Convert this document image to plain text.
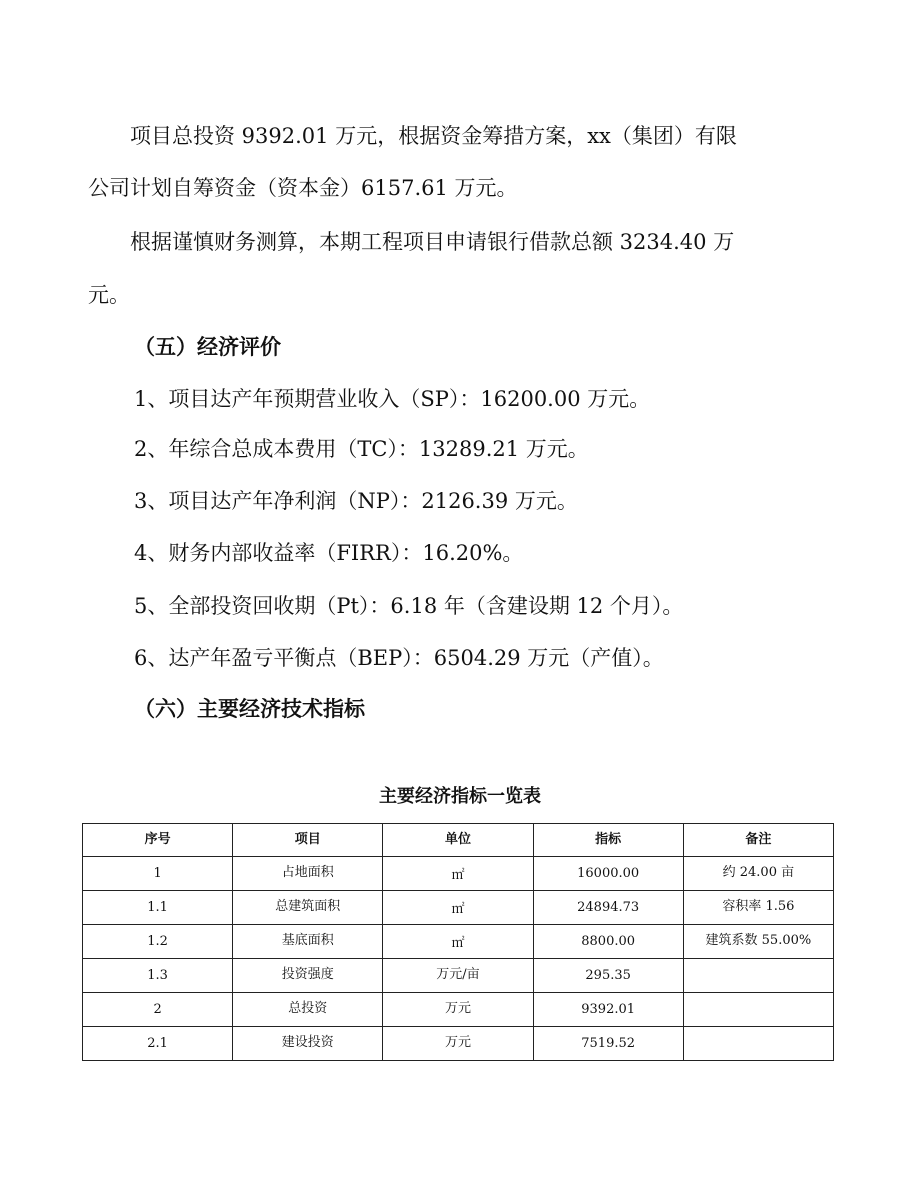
　　项目总投资 9392.01 万元，根据资金筹措方案，xx（集团）有限
公司计划自筹资金（资本金）6157.61 万元。
　　根据谨慎财务测算，本期工程项目申请银行借款总额 3234.40 万
元。
（五）经济评价
1、项目达产年预期营业收入（SP）：16200.00 万元。
2、年综合总成本费用（TC）：13289.21 万元。
3、项目达产年净利润（NP）：2126.39 万元。
4、财务内部收益率（FIRR）：16.20%。
5、全部投资回收期（Pt）：6.18 年（含建设期 12 个月）。
6、达产年盈亏平衡点（BEP）：6504.29 万元（产值）。
（六）主要经济技术指标
主要经济指标一览表
序号	项目	单位	指标	备注
1	占地面积	㎡	16000.00	约 24.00 亩
1.1	总建筑面积	㎡	24894.73	容积率 1.56
1.2	基底面积	㎡	8800.00	建筑系数 55.00%
1.3	投资强度	万元/亩	295.35	
2	总投资	万元	9392.01	
2.1	建设投资	万元	7519.52	
